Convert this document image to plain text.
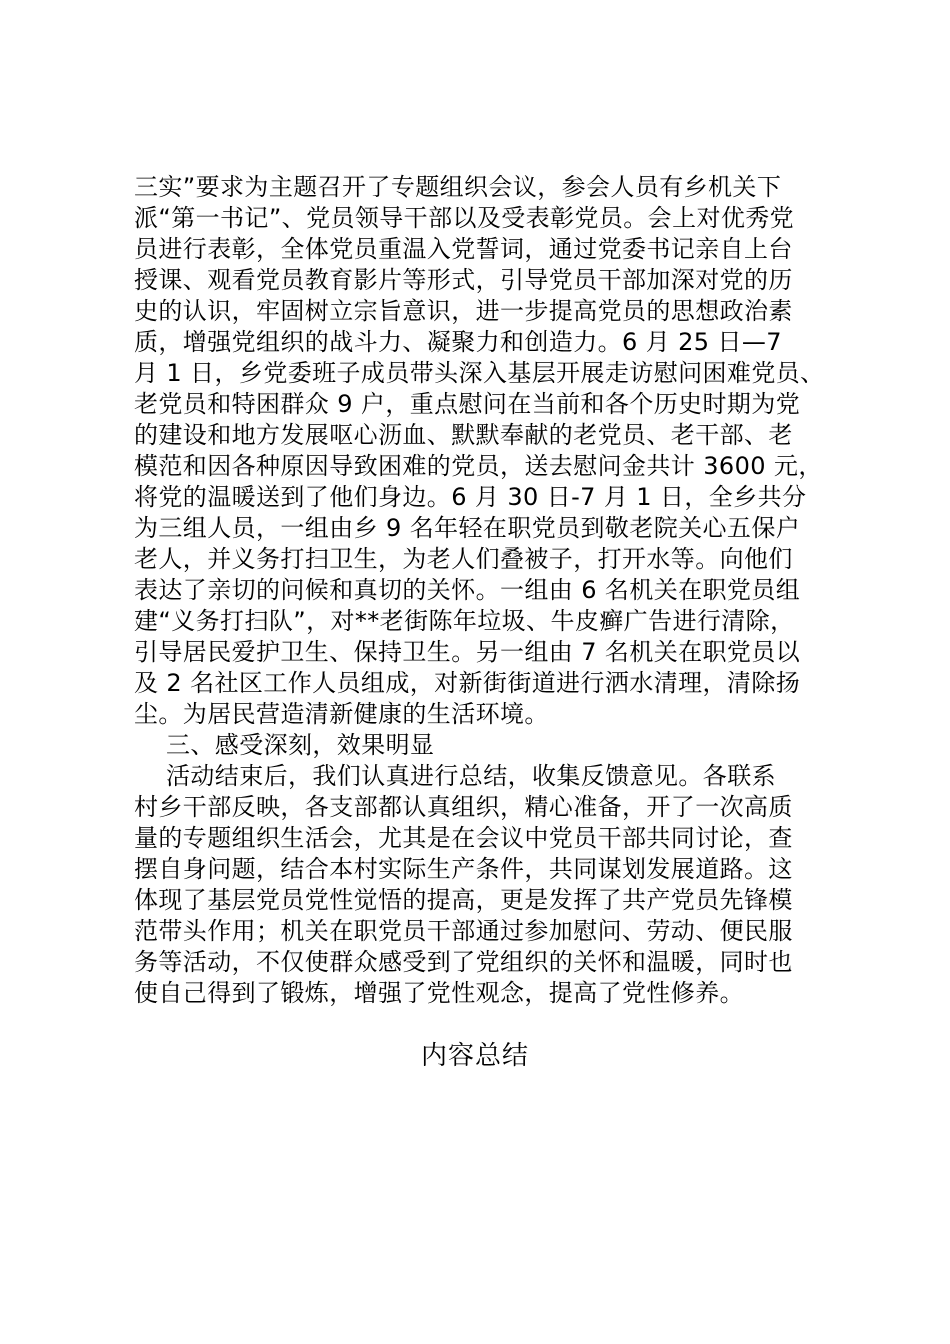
三实”要求为主题召开了专题组织会议，参会人员有乡机关下
派“第一书记”、党员领导干部以及受表彰党员。会上对优秀党
员进行表彰，全体党员重温入党誓词，通过党委书记亲自上台
授课、观看党员教育影片等形式，引导党员干部加深对党的历
史的认识，牢固树立宗旨意识，进一步提高党员的思想政治素
质，增强党组织的战斗力、凝聚力和创造力。6 月 25 日—7
月 1 日，乡党委班子成员带头深入基层开展走访慰问困难党员、
老党员和特困群众 9 户，重点慰问在当前和各个历史时期为党
的建设和地方发展呕心沥血、默默奉献的老党员、老干部、老
模范和因各种原因导致困难的党员，送去慰问金共计 3600 元，
将党的温暖送到了他们身边。6 月 30 日-7 月 1 日，全乡共分
为三组人员，一组由乡 9 名年轻在职党员到敬老院关心五保户
老人，并义务打扫卫生，为老人们叠被子，打开水等。向他们
表达了亲切的问候和真切的关怀。一组由 6 名机关在职党员组
建“义务打扫队”，对**老街陈年垃圾、牛皮癣广告进行清除，
引导居民爱护卫生、保持卫生。另一组由 7 名机关在职党员以
及 2 名社区工作人员组成，对新街街道进行洒水清理，清除扬
尘。为居民营造清新健康的生活环境。
三、感受深刻，效果明显
活动结束后，我们认真进行总结，收集反馈意见。各联系
村乡干部反映，各支部都认真组织，精心准备，开了一次高质
量的专题组织生活会，尤其是在会议中党员干部共同讨论，查
摆自身问题，结合本村实际生产条件，共同谋划发展道路。这
体现了基层党员党性觉悟的提高，更是发挥了共产党员先锋模
范带头作用；机关在职党员干部通过参加慰问、劳动、便民服
务等活动，不仅使群众感受到了党组织的关怀和温暖，同时也
使自己得到了锻炼，增强了党性观念，提高了党性修养。
内容总结
